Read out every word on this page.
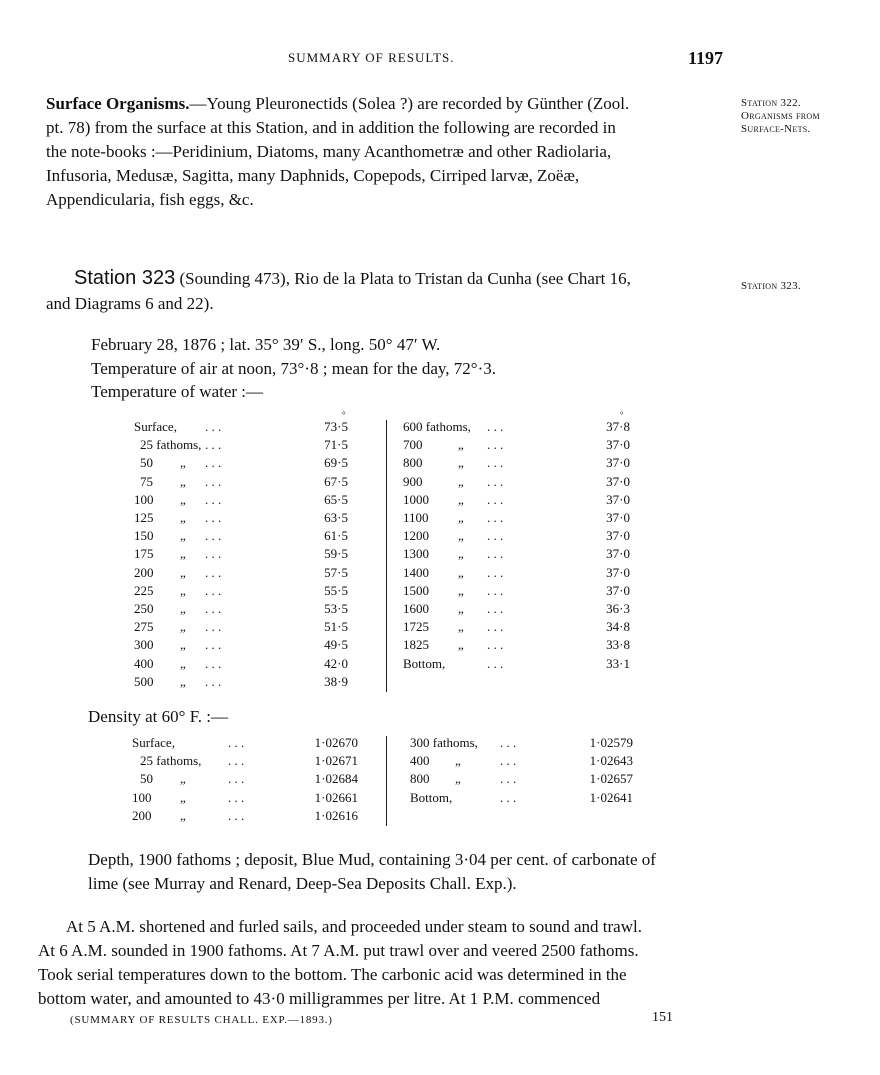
SUMMARY OF RESULTS.	1197
Surface Organisms.—Young Pleuronectids (Solea ?) are recorded by Günther (Zool.
pt. 78) from the surface at this Station, and in addition the following are recorded in
the note-books :—Peridinium, Diatoms, many Acanthometræ and other Radiolaria,
Infusoria, Medusæ, Sagitta, many Daphnids, Copepods, Cirriped larvæ, Zoëæ,
Appendicularia, fish eggs, &c.
Station 322.
Organisms from
Surface-Nets.
Station 323 (Sounding 473), Rio de la Plata to Tristan da Cunha (see Chart 16,
and Diagrams 6 and 22).
Station 323.
February 28, 1876 ; lat. 35° 39′ S., long. 50° 47′ W.
Temperature of air at noon, 73°·8 ; mean for the day, 72°·3.
Temperature of water :—
°	°
Surface, . . .	73·5
25 fathoms, . . .	71·5
50 „ . . .	69·5
75 „ . . .	67·5
100 „ . . .	65·5
125 „ . . .	63·5
150 „ . . .	61·5
175 „ . . .	59·5
200 „ . . .	57·5
225 „ . . .	55·5
250 „ . . .	53·5
275 „ . . .	51·5
300 „ . . .	49·5
400 „ . . .	42·0
500 „ . . .	38·9
600 fathoms, . . .	37·8
700	„ . . .	37·0
800	„ . . .	37·0
900	„ . . .	37·0
1000 „ . . .	37·0
1100 „ . . .	37·0
1200 „ . . .	37·0
1300 „ . . .	37·0
1400 „ . . .	37·0
1500 „ . . .	37·0
1600 „ . . .	36·3
1725 „ . . .	34·8
1825 „ . . .	33·8
Bottom,	. . .	33·1
Density at 60° F. :—
Surface,	. . .	1·02670
25 fathoms, . . .	1·02671
50 „	. . .	1·02684
100 „	. . .	1·02661
200 „	. . .	1·02616
300 fathoms, . . .	1·02579
400 „	. . .	1·02643
800 „	. . .	1·02657
Bottom,	. . .	1·02641
Depth, 1900 fathoms ; deposit, Blue Mud, containing 3·04 per cent. of carbonate of
lime (see Murray and Renard, Deep-Sea Deposits Chall. Exp.).
At 5 A.M. shortened and furled sails, and proceeded under steam to sound and trawl.
At 6 A.M. sounded in 1900 fathoms. At 7 A.M. put trawl over and veered 2500 fathoms.
Took serial temperatures down to the bottom. The carbonic acid was determined in the
bottom water, and amounted to 43·0 milligrammes per litre. At 1 P.M. commenced
(SUMMARY OF RESULTS CHALL. EXP.—1893.)	151
